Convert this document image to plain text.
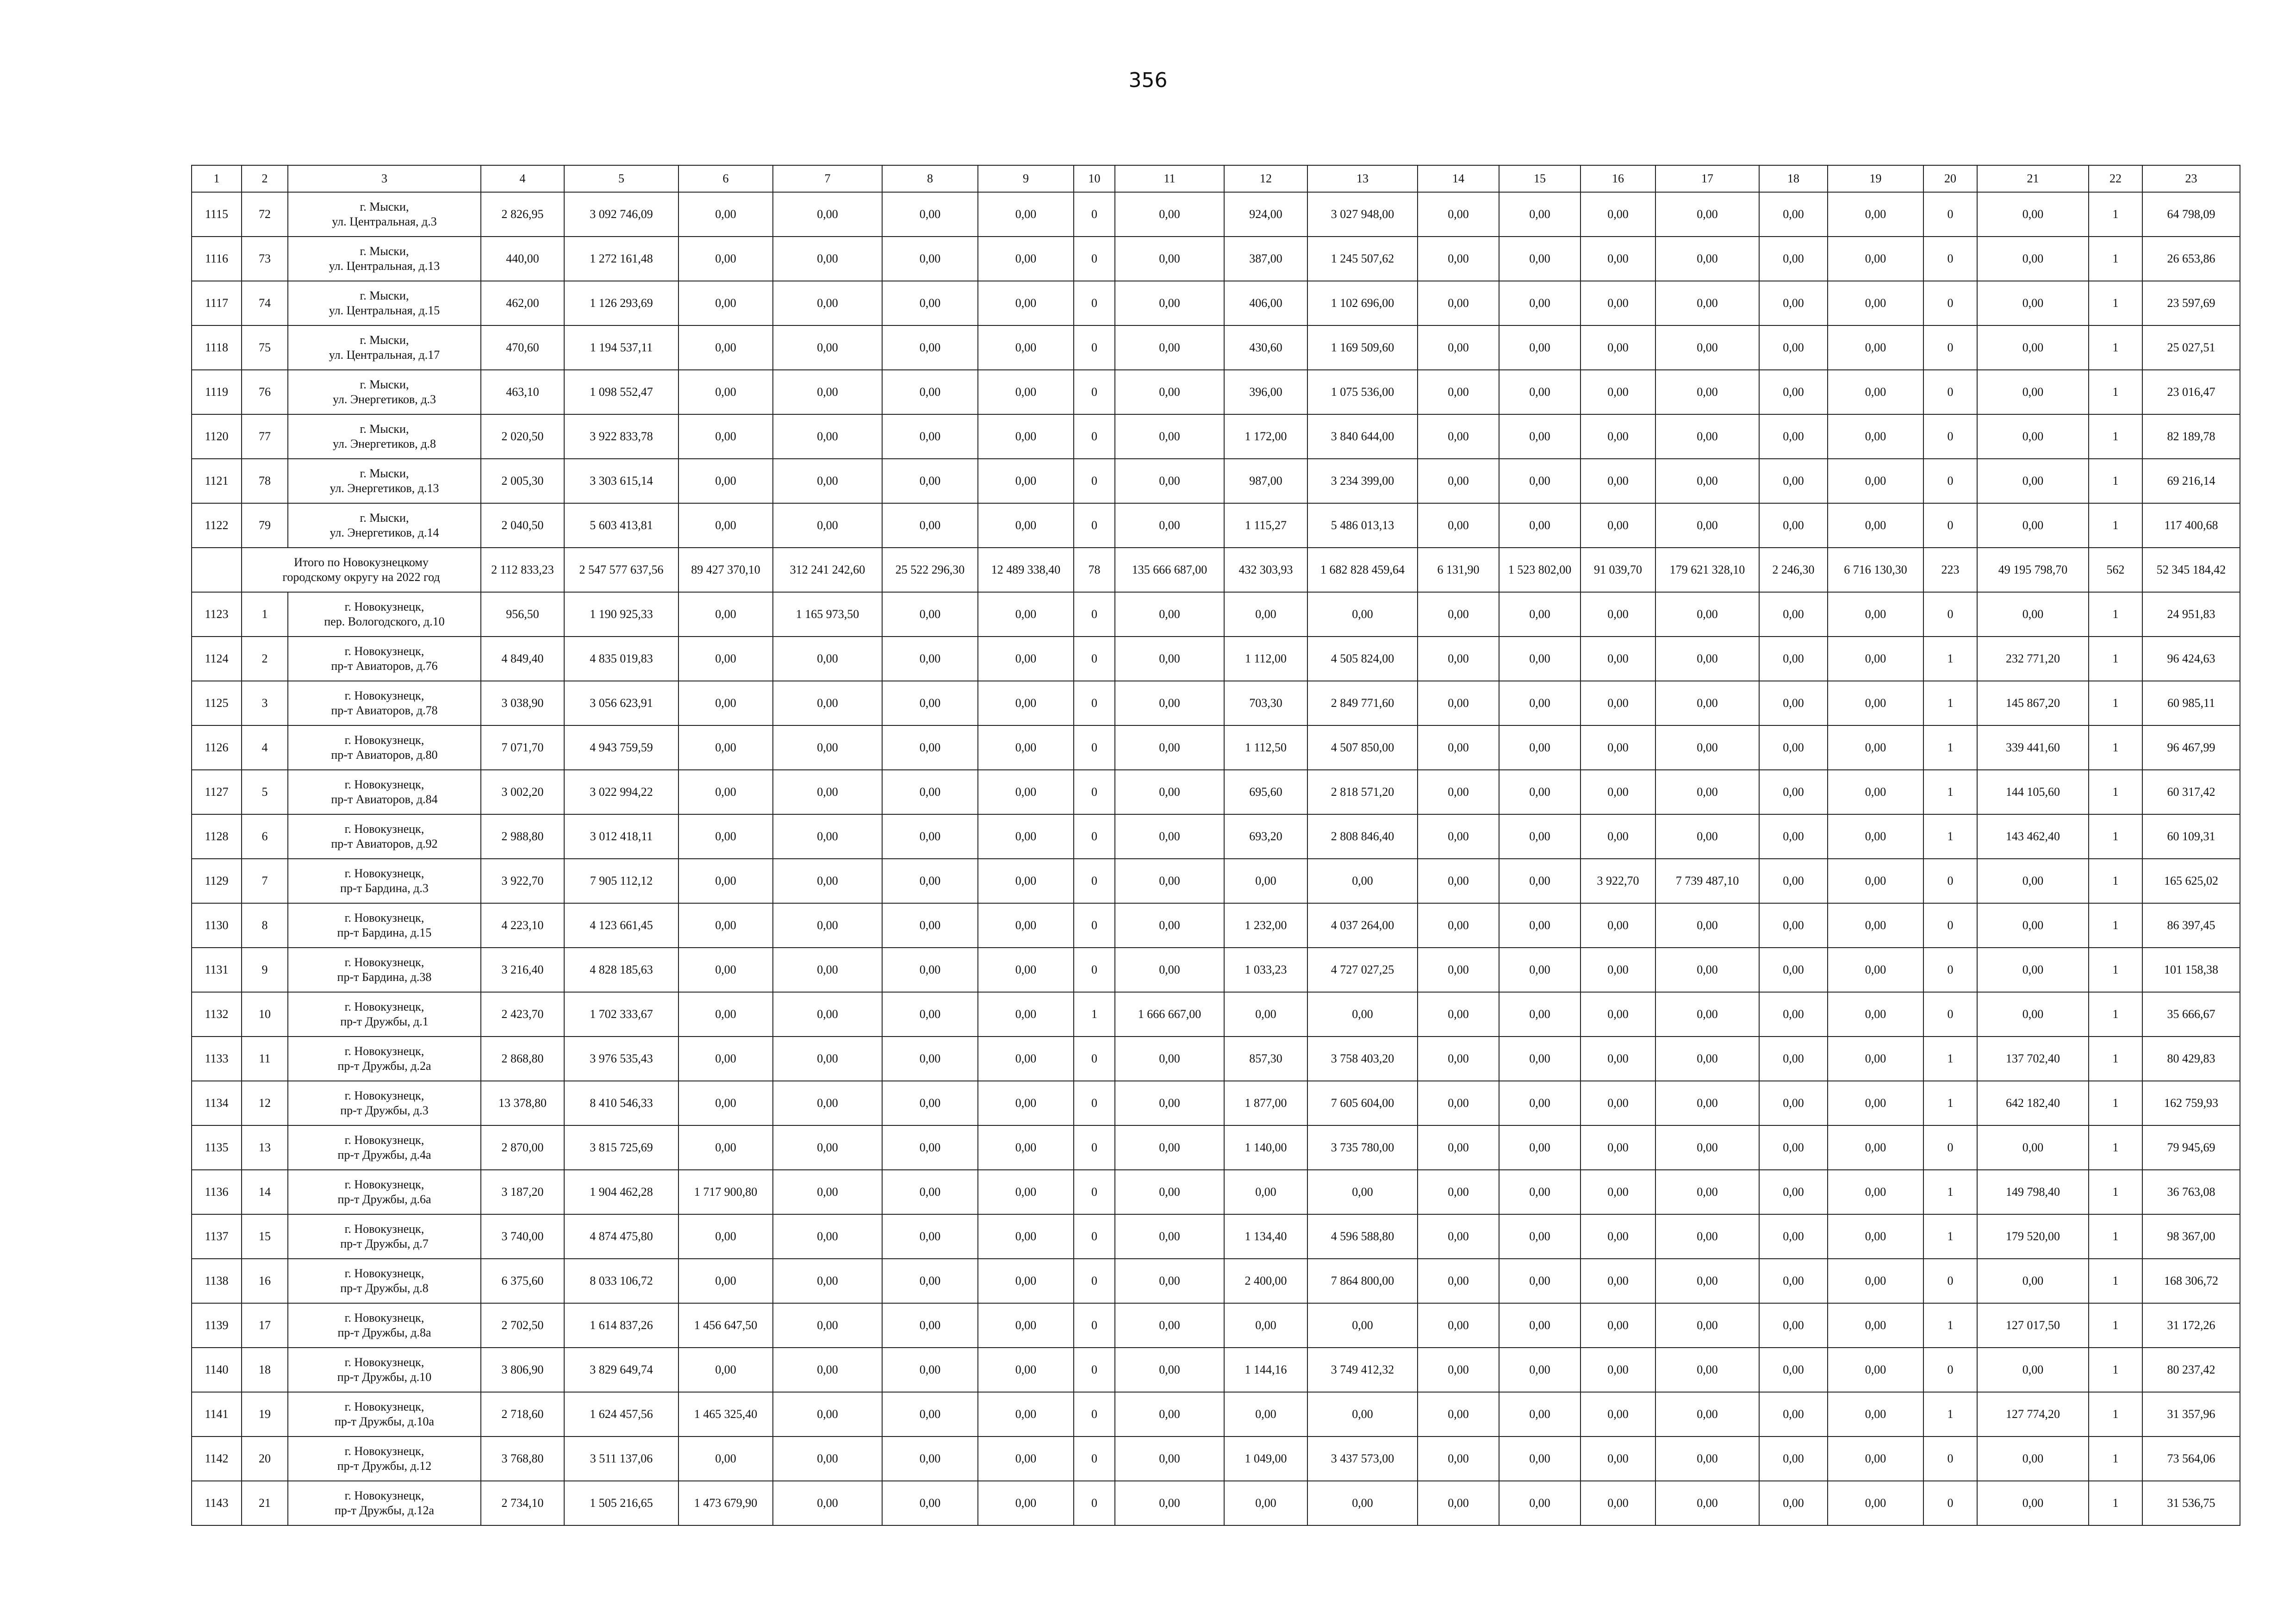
356
1	2	3	4	5	6	7	8	9	10	11	12	13	14	15	16	17	18	19	20	21	22	23
1115	72	г. Мыски,
ул. Центральная, д.3	2 826,95	3 092 746,09	0,00	0,00	0,00	0,00	0	0,00	924,00	3 027 948,00	0,00	0,00	0,00	0,00	0,00	0,00	0	0,00	1	64 798,09
1116	73	г. Мыски,
ул. Центральная, д.13	440,00	1 272 161,48	0,00	0,00	0,00	0,00	0	0,00	387,00	1 245 507,62	0,00	0,00	0,00	0,00	0,00	0,00	0	0,00	1	26 653,86
1117	74	г. Мыски,
ул. Центральная, д.15	462,00	1 126 293,69	0,00	0,00	0,00	0,00	0	0,00	406,00	1 102 696,00	0,00	0,00	0,00	0,00	0,00	0,00	0	0,00	1	23 597,69
1118	75	г. Мыски,
ул. Центральная, д.17	470,60	1 194 537,11	0,00	0,00	0,00	0,00	0	0,00	430,60	1 169 509,60	0,00	0,00	0,00	0,00	0,00	0,00	0	0,00	1	25 027,51
1119	76	г. Мыски,
ул. Энергетиков, д.3	463,10	1 098 552,47	0,00	0,00	0,00	0,00	0	0,00	396,00	1 075 536,00	0,00	0,00	0,00	0,00	0,00	0,00	0	0,00	1	23 016,47
1120	77	г. Мыски,
ул. Энергетиков, д.8	2 020,50	3 922 833,78	0,00	0,00	0,00	0,00	0	0,00	1 172,00	3 840 644,00	0,00	0,00	0,00	0,00	0,00	0,00	0	0,00	1	82 189,78
1121	78	г. Мыски,
ул. Энергетиков, д.13	2 005,30	3 303 615,14	0,00	0,00	0,00	0,00	0	0,00	987,00	3 234 399,00	0,00	0,00	0,00	0,00	0,00	0,00	0	0,00	1	69 216,14
1122	79	г. Мыски,
ул. Энергетиков, д.14	2 040,50	5 603 413,81	0,00	0,00	0,00	0,00	0	0,00	1 115,27	5 486 013,13	0,00	0,00	0,00	0,00	0,00	0,00	0	0,00	1	117 400,68

	Итого по Новокузнецкому
городскому округу на 2022 год		2 112 833,23	2 547 577 637,56	89 427 370,10	312 241 242,60	25 522 296,30	12 489 338,40	78	135 666 687,00	432 303,93	1 682 828 459,64	6 131,90	1 523 802,00	91 039,70	179 621 328,10	2 246,30	6 716 130,30	223	49 195 798,70	562	52 345 184,42
1123	1	г. Новокузнецк,
пер. Вологодского, д.10	956,50	1 190 925,33	0,00	1 165 973,50	0,00	0,00	0	0,00	0,00	0,00	0,00	0,00	0,00	0,00	0,00	0,00	0	0,00	1	24 951,83
1124	2	г. Новокузнецк,
пр-т Авиаторов, д.76	4 849,40	4 835 019,83	0,00	0,00	0,00	0,00	0	0,00	1 112,00	4 505 824,00	0,00	0,00	0,00	0,00	0,00	0,00	1	232 771,20	1	96 424,63
1125	3	г. Новокузнецк,
пр-т Авиаторов, д.78	3 038,90	3 056 623,91	0,00	0,00	0,00	0,00	0	0,00	703,30	2 849 771,60	0,00	0,00	0,00	0,00	0,00	0,00	1	145 867,20	1	60 985,11
1126	4	г. Новокузнецк,
пр-т Авиаторов, д.80	7 071,70	4 943 759,59	0,00	0,00	0,00	0,00	0	0,00	1 112,50	4 507 850,00	0,00	0,00	0,00	0,00	0,00	0,00	1	339 441,60	1	96 467,99
1127	5	г. Новокузнецк,
пр-т Авиаторов, д.84	3 002,20	3 022 994,22	0,00	0,00	0,00	0,00	0	0,00	695,60	2 818 571,20	0,00	0,00	0,00	0,00	0,00	0,00	1	144 105,60	1	60 317,42
1128	6	г. Новокузнецк,
пр-т Авиаторов, д.92	2 988,80	3 012 418,11	0,00	0,00	0,00	0,00	0	0,00	693,20	2 808 846,40	0,00	0,00	0,00	0,00	0,00	0,00	1	143 462,40	1	60 109,31
1129	7	г. Новокузнецк,
пр-т Бардина, д.3	3 922,70	7 905 112,12	0,00	0,00	0,00	0,00	0	0,00	0,00	0,00	0,00	0,00	3 922,70	7 739 487,10	0,00	0,00	0	0,00	1	165 625,02
1130	8	г. Новокузнецк,
пр-т Бардина, д.15	4 223,10	4 123 661,45	0,00	0,00	0,00	0,00	0	0,00	1 232,00	4 037 264,00	0,00	0,00	0,00	0,00	0,00	0,00	0	0,00	1	86 397,45
1131	9	г. Новокузнецк,
пр-т Бардина, д.38	3 216,40	4 828 185,63	0,00	0,00	0,00	0,00	0	0,00	1 033,23	4 727 027,25	0,00	0,00	0,00	0,00	0,00	0,00	0	0,00	1	101 158,38
1132	10	г. Новокузнецк,
пр-т Дружбы, д.1	2 423,70	1 702 333,67	0,00	0,00	0,00	0,00	1	1 666 667,00	0,00	0,00	0,00	0,00	0,00	0,00	0,00	0,00	0	0,00	1	35 666,67
1133	11	г. Новокузнецк,
пр-т Дружбы, д.2а	2 868,80	3 976 535,43	0,00	0,00	0,00	0,00	0	0,00	857,30	3 758 403,20	0,00	0,00	0,00	0,00	0,00	0,00	1	137 702,40	1	80 429,83
1134	12	г. Новокузнецк,
пр-т Дружбы, д.3	13 378,80	8 410 546,33	0,00	0,00	0,00	0,00	0	0,00	1 877,00	7 605 604,00	0,00	0,00	0,00	0,00	0,00	0,00	1	642 182,40	1	162 759,93
1135	13	г. Новокузнецк,
пр-т Дружбы, д.4а	2 870,00	3 815 725,69	0,00	0,00	0,00	0,00	0	0,00	1 140,00	3 735 780,00	0,00	0,00	0,00	0,00	0,00	0,00	0	0,00	1	79 945,69
1136	14	г. Новокузнецк,
пр-т Дружбы, д.6а	3 187,20	1 904 462,28	1 717 900,80	0,00	0,00	0,00	0	0,00	0,00	0,00	0,00	0,00	0,00	0,00	0,00	0,00	1	149 798,40	1	36 763,08
1137	15	г. Новокузнецк,
пр-т Дружбы, д.7	3 740,00	4 874 475,80	0,00	0,00	0,00	0,00	0	0,00	1 134,40	4 596 588,80	0,00	0,00	0,00	0,00	0,00	0,00	1	179 520,00	1	98 367,00
1138	16	г. Новокузнецк,
пр-т Дружбы, д.8	6 375,60	8 033 106,72	0,00	0,00	0,00	0,00	0	0,00	2 400,00	7 864 800,00	0,00	0,00	0,00	0,00	0,00	0,00	0	0,00	1	168 306,72
1139	17	г. Новокузнецк,
пр-т Дружбы, д.8а	2 702,50	1 614 837,26	1 456 647,50	0,00	0,00	0,00	0	0,00	0,00	0,00	0,00	0,00	0,00	0,00	0,00	0,00	1	127 017,50	1	31 172,26
1140	18	г. Новокузнецк,
пр-т Дружбы, д.10	3 806,90	3 829 649,74	0,00	0,00	0,00	0,00	0	0,00	1 144,16	3 749 412,32	0,00	0,00	0,00	0,00	0,00	0,00	0	0,00	1	80 237,42
1141	19	г. Новокузнецк,
пр-т Дружбы, д.10а	2 718,60	1 624 457,56	1 465 325,40	0,00	0,00	0,00	0	0,00	0,00	0,00	0,00	0,00	0,00	0,00	0,00	0,00	1	127 774,20	1	31 357,96
1142	20	г. Новокузнецк,
пр-т Дружбы, д.12	3 768,80	3 511 137,06	0,00	0,00	0,00	0,00	0	0,00	1 049,00	3 437 573,00	0,00	0,00	0,00	0,00	0,00	0,00	0	0,00	1	73 564,06
1143	21	г. Новокузнецк,
пр-т Дружбы, д.12а	2 734,10	1 505 216,65	1 473 679,90	0,00	0,00	0,00	0	0,00	0,00	0,00	0,00	0,00	0,00	0,00	0,00	0,00	0	0,00	1	31 536,75
